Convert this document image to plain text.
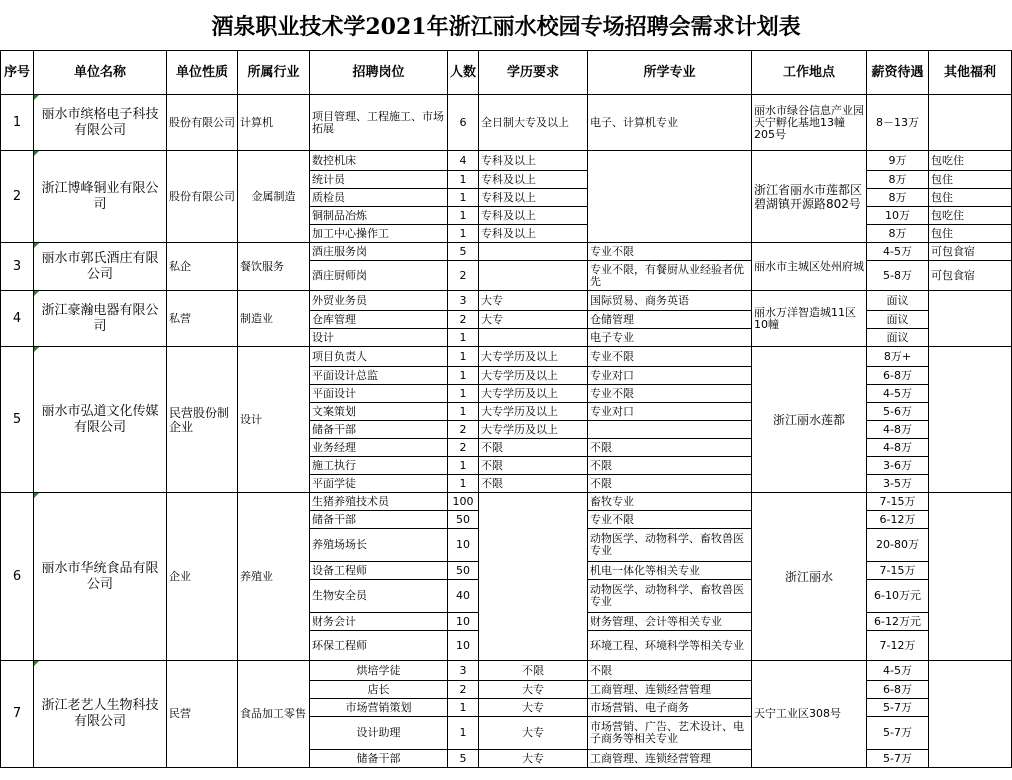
酒泉职业技术学2021年浙江丽水校园专场招聘会需求计划表
序号	单位名称	单位性质	所属行业	招聘岗位	人数	学历要求	所学专业	工作地点	薪资待遇	其他福利
1	丽水市缤格电子科技有限公司	股份有限公司	计算机	项目管理、工程施工、市场拓展	6	全日制大专及以上	电子、计算机专业	丽水市绿谷信息产业园天宁孵化基地13幢205号	8－13万	
2	浙江博峰铜业有限公司	股份有限公司	金属制造	数控机床	4	专科及以上		浙江省丽水市莲都区碧湖镇开源路802号	9万	包吃住
				统计员	1	专科及以上			8万	包住
				质检员	1	专科及以上			8万	包住
				铜制品冶炼	1	专科及以上			10万	包吃住
				加工中心操作工	1	专科及以上			8万	包住
3	丽水市郭氏酒庄有限公司	私企	餐饮服务	酒庄服务岗	5		专业不限	丽水市主城区处州府城	4-5万	可包食宿
				酒庄厨师岗	2		专业不限，有餐厨从业经验者优先		5-8万	可包食宿
4	浙江豪瀚电器有限公司	私营	制造业	外贸业务员	3	大专	国际贸易、商务英语	丽水万洋智造城11区10幢	面议	
				仓库管理	2	大专	仓储管理		面议	
				设计	1		电子专业		面议	
5	丽水市弘道文化传媒有限公司	民营股份制企业	设计	项目负责人	1	大专学历及以上	专业不限	浙江丽水莲都	8万+	
				平面设计总监	1	大专学历及以上	专业对口		6-8万	
				平面设计	1	大专学历及以上	专业不限		4-5万	
				文案策划	1	大专学历及以上	专业对口		5-6万	
				储备干部	2	大专学历及以上			4-8万	
				业务经理	2	不限	不限		4-8万	
				施工执行	1	不限	不限		3-6万	
				平面学徒	1	不限	不限		3-5万	
6	丽水市华统食品有限公司	企业	养殖业	生猪养殖技术员	100		畜牧专业	浙江丽水	7-15万	
				储备干部	50		专业不限		6-12万	
				养殖场场长	10		动物医学、动物科学、畜牧兽医专业		20-80万	
				设备工程师	50		机电一体化等相关专业		7-15万	
				生物安全员	40		动物医学、动物科学、畜牧兽医专业		6-10万元	
				财务会计	10		财务管理、会计等相关专业		6-12万元	
				环保工程师	10		环境工程、环境科学等相关专业		7-12万	
7	浙江老艺人生物科技有限公司	民营	食品加工零售	烘培学徒	3	不限	不限	天宁工业区308号	4-5万	
				店长	2	大专	工商管理、连锁经营管理		6-8万	
				市场营销策划	1	大专	市场营销、电子商务		5-7万	
				设计助理	1	大专	市场营销、广告、艺术设计、电子商务等相关专业		5-7万	
				储备干部	5	大专	工商管理、连锁经营管理		5-7万	
